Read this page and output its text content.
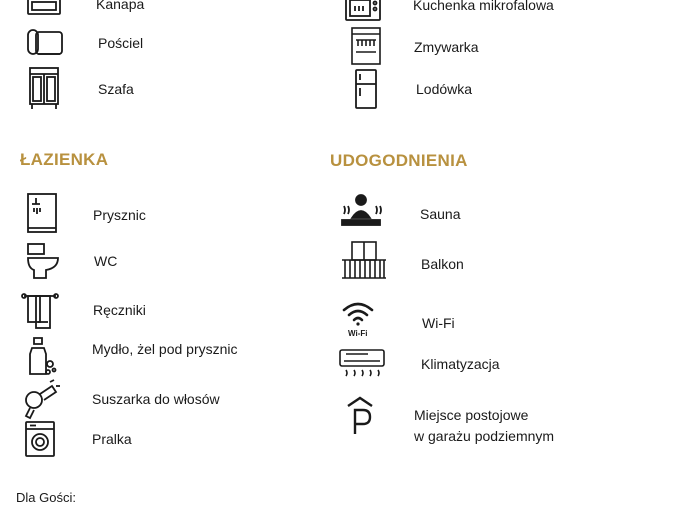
Kanapa
Pościel
Szafa
Kuchenka mikrofalowa
Zmywarka
Lodówka
ŁAZIENKA	UDOGODNIENIA
Prysznic
WC
Ręczniki
Mydło, żel pod prysznic
Suszarka do włosów
Pralka
Sauna
Balkon
Wi-Fi
Wi-Fi
Klimatyzacja
Miejsce postojowe
w garażu podziemnym
Dla Gości:
